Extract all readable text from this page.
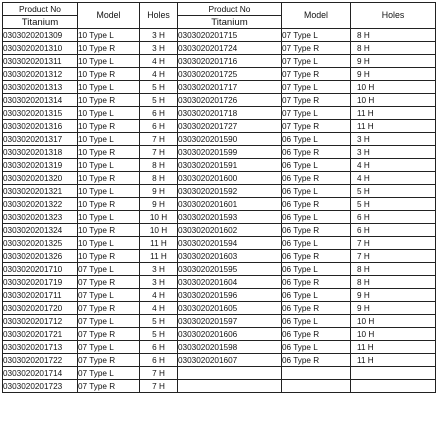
Product No	Model	Holes	Product No	Model	Holes
Titanium			Titanium		
0303020201309	10 Type L	3 H	0303020201715	07 Type L	8 H
0303020201310	10 Type R	3 H	0303020201724	07 Type R	8 H
0303020201311	10 Type L	4 H	0303020201716	07 Type L	9 H
0303020201312	10 Type R	4 H	0303020201725	07 Type R	9 H
0303020201313	10 Type L	5 H	0303020201717	07 Type L	10 H
0303020201314	10 Type R	5 H	0303020201726	07 Type R	10 H
0303020201315	10 Type L	6 H	0303020201718	07 Type L	11 H
0303020201316	10 Type R	6 H	0303020201727	07 Type R	11 H
0303020201317	10 Type L	7 H	0303020201590	06 Type L	3 H
0303020201318	10 Type R	7 H	0303020201599	06 Type R	3 H
0303020201319	10 Type L	8 H	0303020201591	06 Type L	4 H
0303020201320	10 Type R	8 H	0303020201600	06 Type R	4 H
0303020201321	10 Type L	9 H	0303020201592	06 Type L	5 H
0303020201322	10 Type R	9 H	0303020201601	06 Type R	5 H
0303020201323	10 Type L	10 H	0303020201593	06 Type L	6 H
0303020201324	10 Type R	10 H	0303020201602	06 Type R	6 H
0303020201325	10 Type L	11 H	0303020201594	06 Type L	7 H
0303020201326	10 Type R	11 H	0303020201603	06 Type R	7 H
0303020201710	07 Type L	3 H	0303020201595	06 Type L	8 H
0303020201719	07 Type R	3 H	0303020201604	06 Type R	8 H
0303020201711	07 Type L	4 H	0303020201596	06 Type L	9 H
0303020201720	07 Type R	4 H	0303020201605	06 Type R	9 H
0303020201712	07 Type L	5 H	0303020201597	06 Type L	10 H
0303020201721	07 Type R	5 H	0303020201606	06 Type R	10 H
0303020201713	07 Type L	6 H	0303020201598	06 Type L	11 H
0303020201722	07 Type R	6 H	0303020201607	06 Type R	11 H
0303020201714	07 Type L	7 H			
0303020201723	07 Type R	7 H			
